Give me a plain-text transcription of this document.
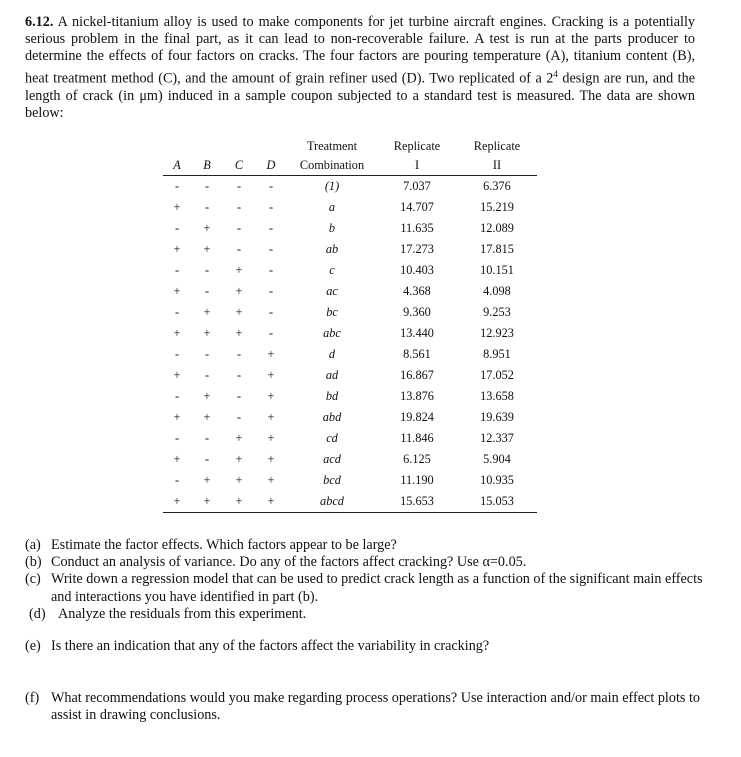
6.12. A nickel-titanium alloy is used to make components for jet turbine aircraft engines. Cracking is a potentially serious problem in the final part, as it can lead to non-recoverable failure. A test is run at the parts producer to determine the effects of four factors on cracks. The four factors are pouring temperature (A), titanium content (B), heat treatment method (C), and the amount of grain refiner used (D). Two replicated of a $2^4$ design are run, and the length of crack (in μm) induced in a sample coupon subjected to a standard test is measured. The data are shown below:
				Treatment	Replicate	Replicate
A	B	C	D	Combination	I	II
-	-	-	-	(1)	7.037	6.376
+	-	-	-	a	14.707	15.219
-	+	-	-	b	11.635	12.089
+	+	-	-	ab	17.273	17.815
-	-	+	-	c	10.403	10.151
+	-	+	-	ac	4.368	4.098
-	+	+	-	bc	9.360	9.253
+	+	+	-	abc	13.440	12.923
-	-	-	+	d	8.561	8.951
+	-	-	+	ad	16.867	17.052
-	+	-	+	bd	13.876	13.658
+	+	-	+	abd	19.824	19.639
-	-	+	+	cd	11.846	12.337
+	-	+	+	acd	6.125	5.904
-	+	+	+	bcd	11.190	10.935
+	+	+	+	abcd	15.653	15.053
(a) Estimate the factor effects. Which factors appear to be large?
(b) Conduct an analysis of variance. Do any of the factors affect cracking? Use α=0.05.
(c) Write down a regression model that can be used to predict crack length as a function of the significant main effects and interactions you have identified in part (b).
(d) Analyze the residuals from this experiment.
(e) Is there an indication that any of the factors affect the variability in cracking?
(f) What recommendations would you make regarding process operations? Use interaction and/or main effect plots to assist in drawing conclusions.
